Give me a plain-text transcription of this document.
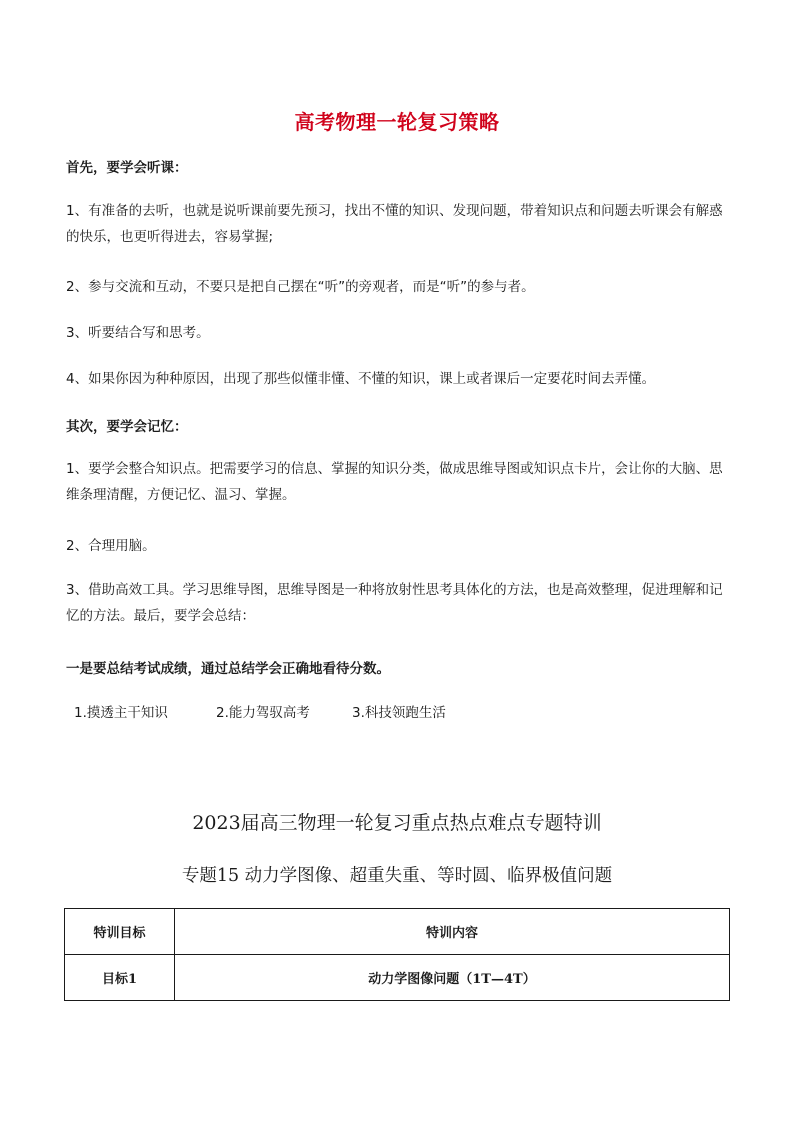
高考物理一轮复习策略
首先，要学会听课：
1、有准备的去听，也就是说听课前要先预习，找出不懂的知识、发现问题，带着知识点和问题去听课会有解惑的快乐，也更听得进去，容易掌握;
2、参与交流和互动，不要只是把自己摆在“听”的旁观者，而是“听”的参与者。
3、听要结合写和思考。
4、如果你因为种种原因，出现了那些似懂非懂、不懂的知识，课上或者课后一定要花时间去弄懂。
其次，要学会记忆：
1、要学会整合知识点。把需要学习的信息、掌握的知识分类，做成思维导图或知识点卡片，会让你的大脑、思维条理清醒，方便记忆、温习、掌握。
2、合理用脑。
3、借助高效工具。学习思维导图，思维导图是一种将放射性思考具体化的方法，也是高效整理，促进理解和记忆的方法。最后，要学会总结：
一是要总结考试成绩，通过总结学会正确地看待分数。
1.摸透主干知识	2.能力驾驭高考	3.科技领跑生活
2023届高三物理一轮复习重点热点难点专题特训
专题15 动力学图像、超重失重、等时圆、临界极值问题
特训目标	特训内容
目标1	动力学图像问题（1T—4T）
